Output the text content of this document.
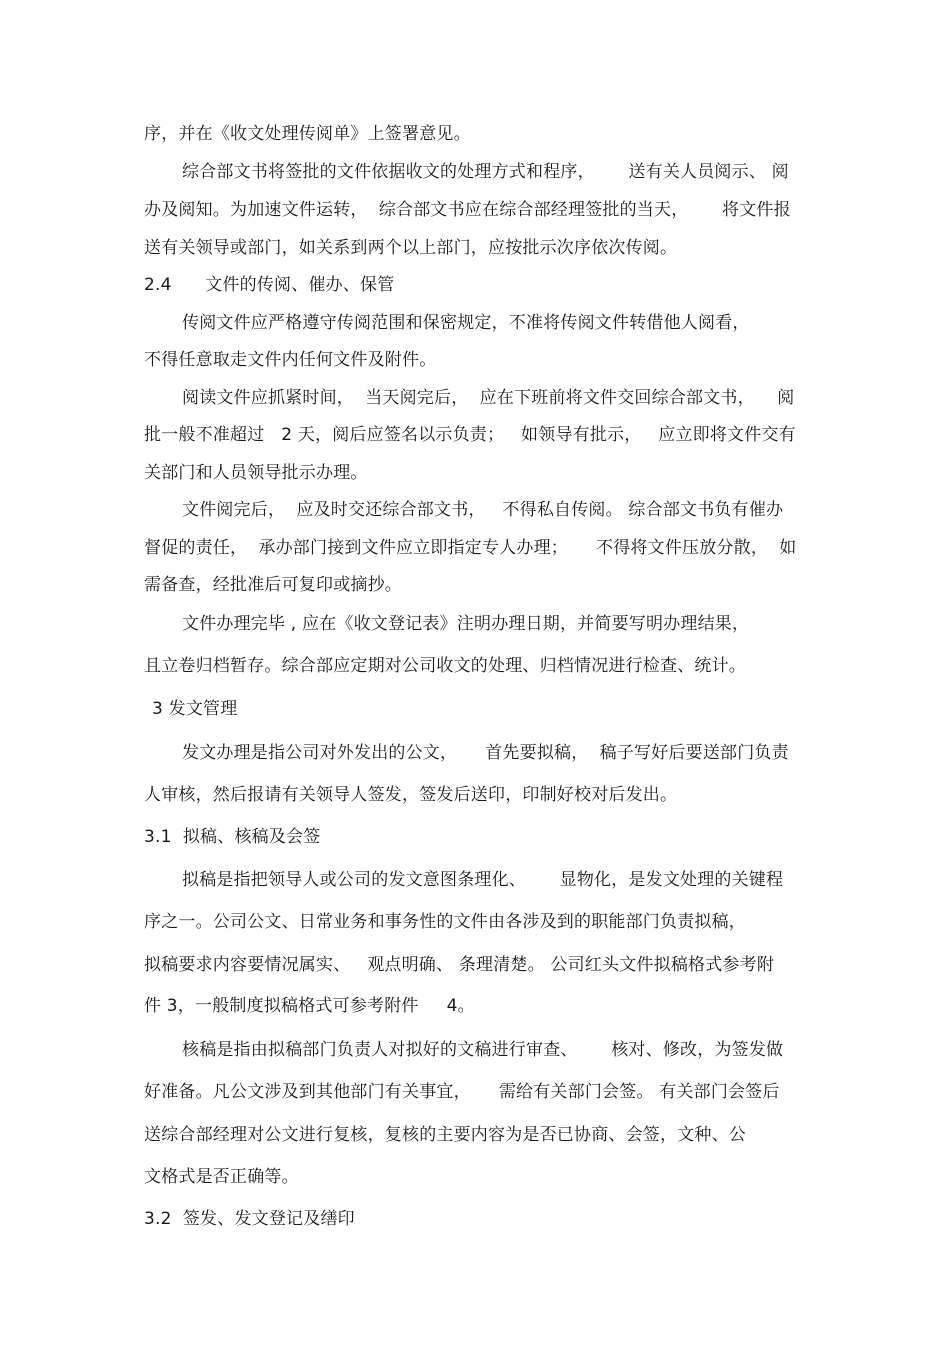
序，并在《收文处理传阅单》上签署意见。
综合部文书将签批的文件依据收文的处理方式和程序，      送有关人员阅示、 阅
办及阅知。为加速文件运转，  综合部文书应在综合部经理签批的当天，      将文件报
送有关领导或部门，如关系到两个以上部门，应按批示次序依次传阅。
2.4      文件的传阅、催办、保管
传阅文件应严格遵守传阅范围和保密规定，不准将传阅文件转借他人阅看，
不得任意取走文件内任何文件及附件。
阅读文件应抓紧时间，  当天阅完后，  应在下班前将文件交回综合部文书，    阅
批一般不准超过   2 天，阅后应签名以示负责；   如领导有批示，   应立即将文件交有
关部门和人员领导批示办理。
文件阅完后，  应及时交还综合部文书，   不得私自传阅。 综合部文书负有催办
督促的责任，  承办部门接到文件应立即指定专人办理；     不得将文件压放分散，  如
需备查，经批准后可复印或摘抄。
文件办理完毕 , 应在《收文登记表》注明办理日期，并简要写明办理结果，
且立卷归档暂存。综合部应定期对公司收文的处理、归档情况进行检查、统计。
3 发文管理
发文办理是指公司对外发出的公文，     首先要拟稿，  稿子写好后要送部门负责
人审核，然后报请有关领导人签发，签发后送印，印制好校对后发出。
3.1  拟稿、核稿及会签
拟稿是指把领导人或公司的发文意图条理化、      显物化，是发文处理的关键程
序之一。公司公文、日常业务和事务性的文件由各涉及到的职能部门负责拟稿，
拟稿要求内容要情况属实、   观点明确、 条理清楚。 公司红头文件拟稿格式参考附
件 3，一般制度拟稿格式可参考附件     4。
核稿是指由拟稿部门负责人对拟好的文稿进行审查、      核对、修改，为签发做
好准备。凡公文涉及到其他部门有关事宜，     需给有关部门会签。 有关部门会签后
送综合部经理对公文进行复核，复核的主要内容为是否已协商、会签，文种、公
文格式是否正确等。
3.2  签发、发文登记及缮印
